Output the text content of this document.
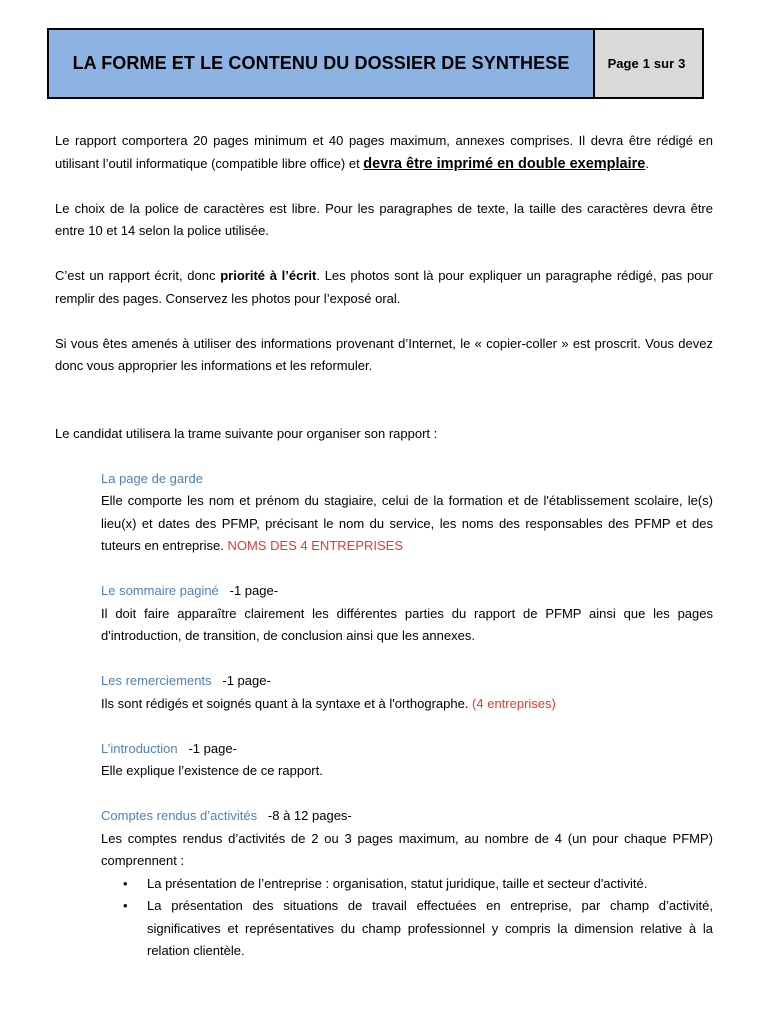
LA FORME ET LE CONTENU DU DOSSIER DE SYNTHESE	Page 1 sur 3

Le rapport comportera 20 pages minimum et 40 pages maximum, annexes comprises. Il devra être rédigé en utilisant l’outil informatique (compatible libre office) et devra être imprimé en double exemplaire.

Le choix de la police de caractères est libre. Pour les paragraphes de texte, la taille des caractères devra être entre 10 et 14 selon la police utilisée.

C’est un rapport écrit, donc priorité à l’écrit. Les photos sont là pour expliquer un paragraphe rédigé, pas pour remplir des pages. Conservez les photos pour l’exposé oral.

Si vous êtes amenés à utiliser des informations provenant d’Internet, le « copier-coller » est proscrit. Vous devez donc vous approprier les informations et les reformuler.

Le candidat utilisera la trame suivante pour organiser son rapport :

La page de garde

Elle comporte les nom et prénom du stagiaire, celui de la formation et de l'établissement scolaire, le(s) lieu(x) et dates des PFMP, précisant le nom du service, les noms des responsables des PFMP et des tuteurs en entreprise. NOMS DES 4 ENTREPRISES

Le sommaire paginé -1 page-

Il doit faire apparaître clairement les différentes parties du rapport de PFMP ainsi que les pages d'introduction, de transition, de conclusion ainsi que les annexes.

Les remerciements -1 page-

Ils sont rédigés et soignés quant à la syntaxe et à l'orthographe. (4 entreprises)

L’introduction -1 page-

Elle explique l’existence de ce rapport.

Comptes rendus d’activités -8 à 12 pages-

Les comptes rendus d’activités de 2 ou 3 pages maximum, au nombre de 4 (un pour chaque PFMP) comprennent :

• La présentation de l’entreprise : organisation, statut juridique, taille et secteur d'activité.
• La présentation des situations de travail effectuées en entreprise, par champ d’activité, significatives et représentatives du champ professionnel y compris la dimension relative à la relation clientèle.
